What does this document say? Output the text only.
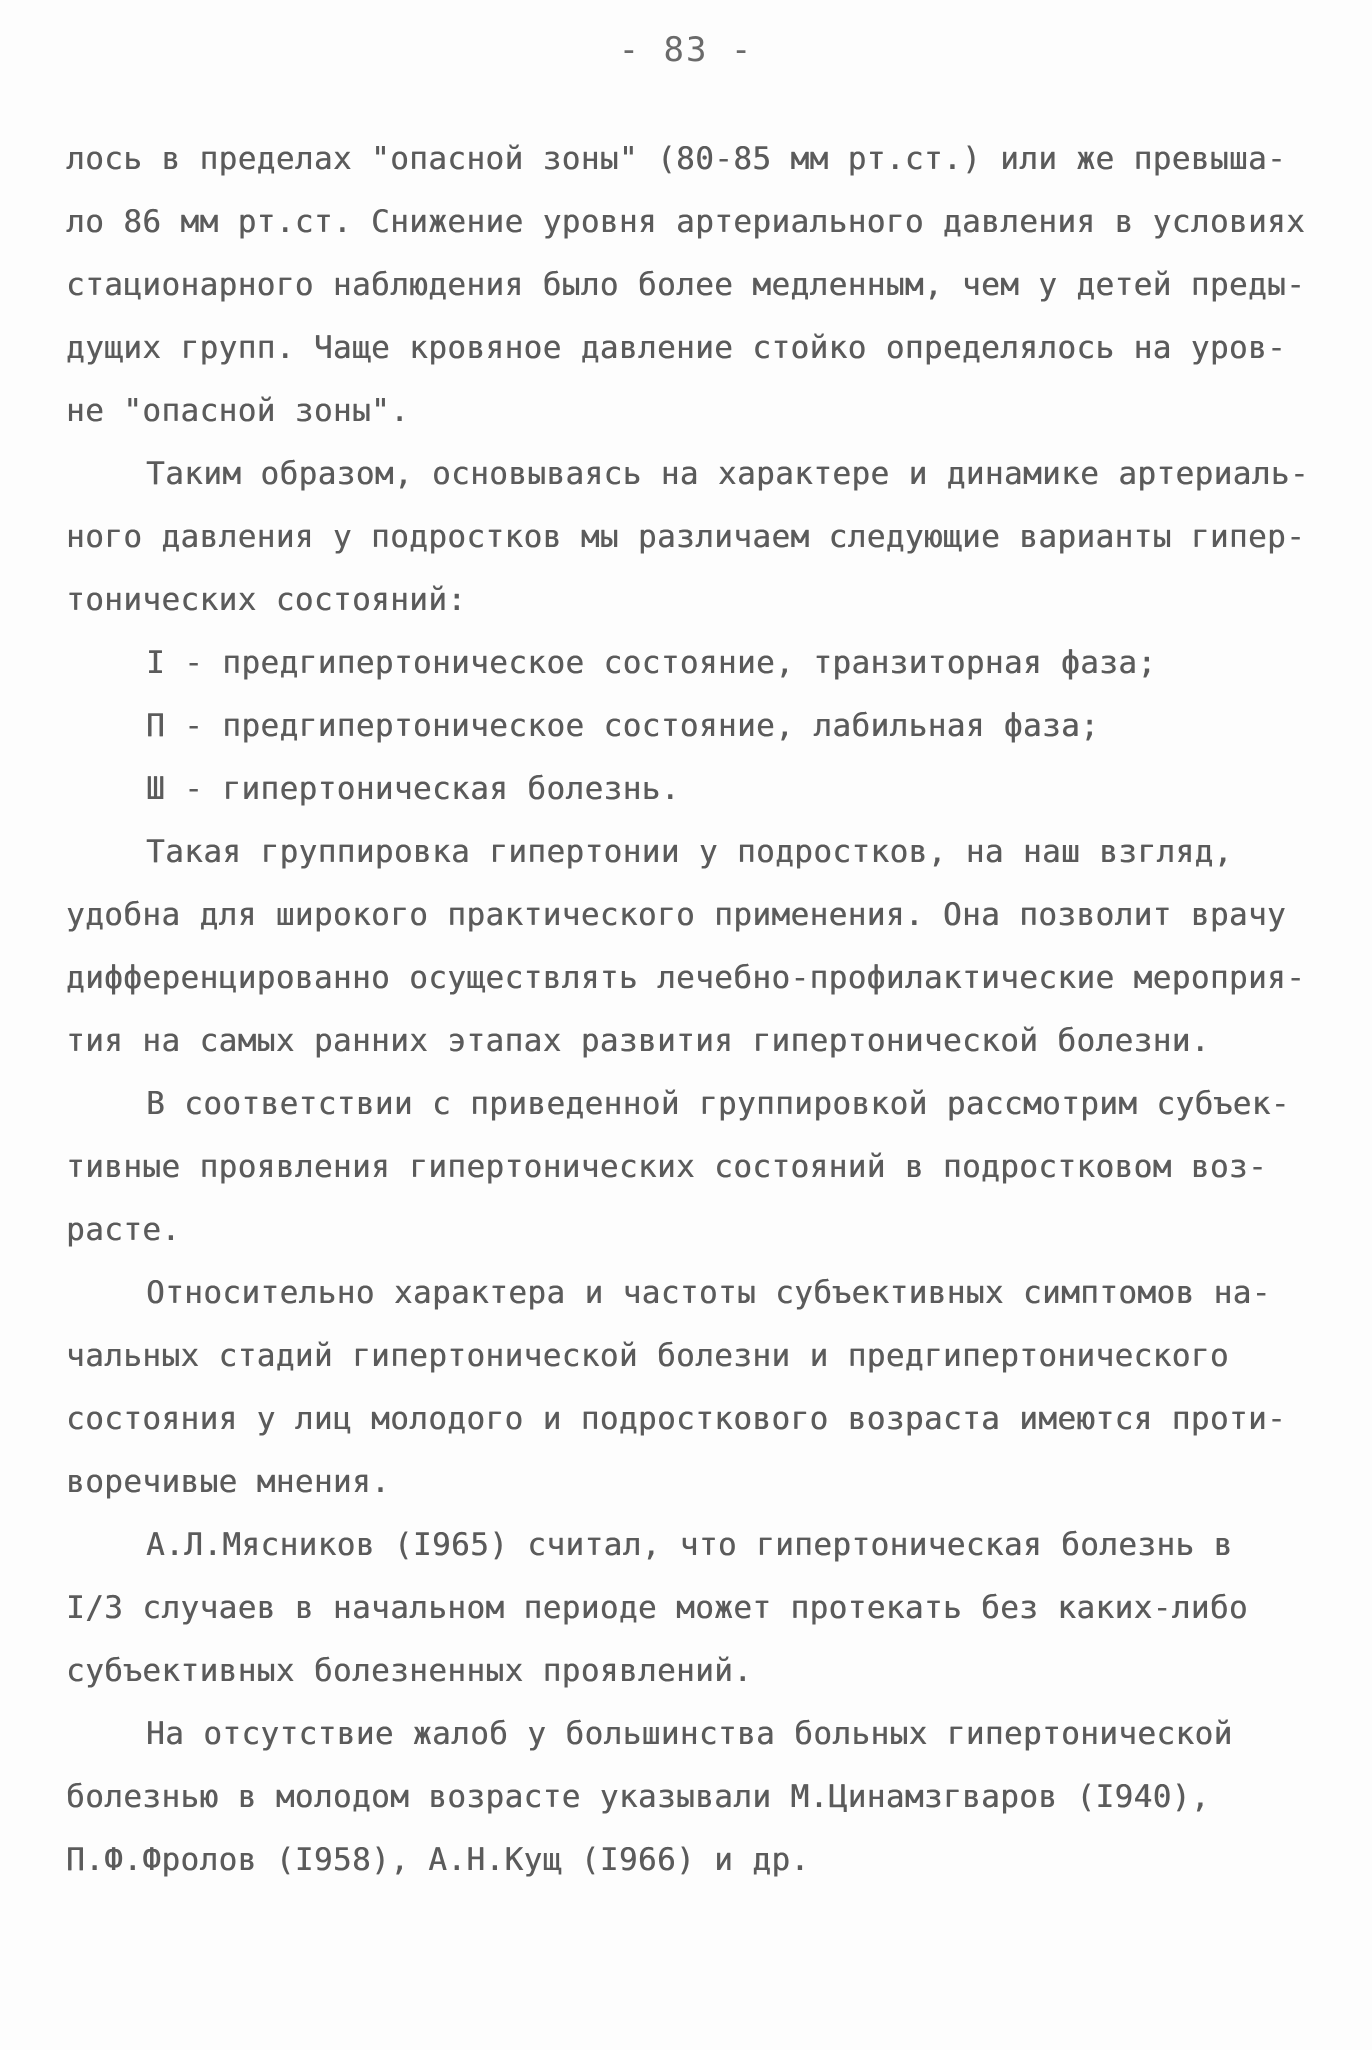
- 83 -
лось в пределах "опасной зоны" (80-85 мм рт.ст.) или же превыша-
ло 86 мм рт.ст. Снижение уровня артериального давления в условиях
стационарного наблюдения было более медленным, чем у детей преды-
дущих групп. Чаще кровяное давление стойко определялось на уров-
не "опасной зоны".
Таким образом, основываясь на характере и динамике артериаль-
ного давления у подростков мы различаем следующие варианты гипер-
тонических состояний:
I - предгипертоническое состояние, транзиторная фаза;
П - предгипертоническое состояние, лабильная фаза;
Ш - гипертоническая болезнь.
Такая группировка гипертонии у подростков, на наш взгляд,
удобна для широкого практического применения. Она позволит врачу
дифференцированно осуществлять лечебно-профилактические мероприя-
тия на самых ранних этапах развития гипертонической болезни.
В соответствии с приведенной группировкой рассмотрим субъек-
тивные проявления гипертонических состояний в подростковом воз-
расте.
Относительно характера и частоты субъективных симптомов на-
чальных стадий гипертонической болезни и предгипертонического
состояния у лиц молодого и подросткового возраста имеются проти-
воречивые мнения.
А.Л.Мясников (I965) считал, что гипертоническая болезнь в
I/3 случаев в начальном периоде может протекать без каких-либо
субъективных болезненных проявлений.
На отсутствие жалоб у большинства больных гипертонической
болезнью в молодом возрасте указывали М.Цинамзгваров (I940),
П.Ф.Фролов (I958), А.Н.Кущ (I966) и др.
